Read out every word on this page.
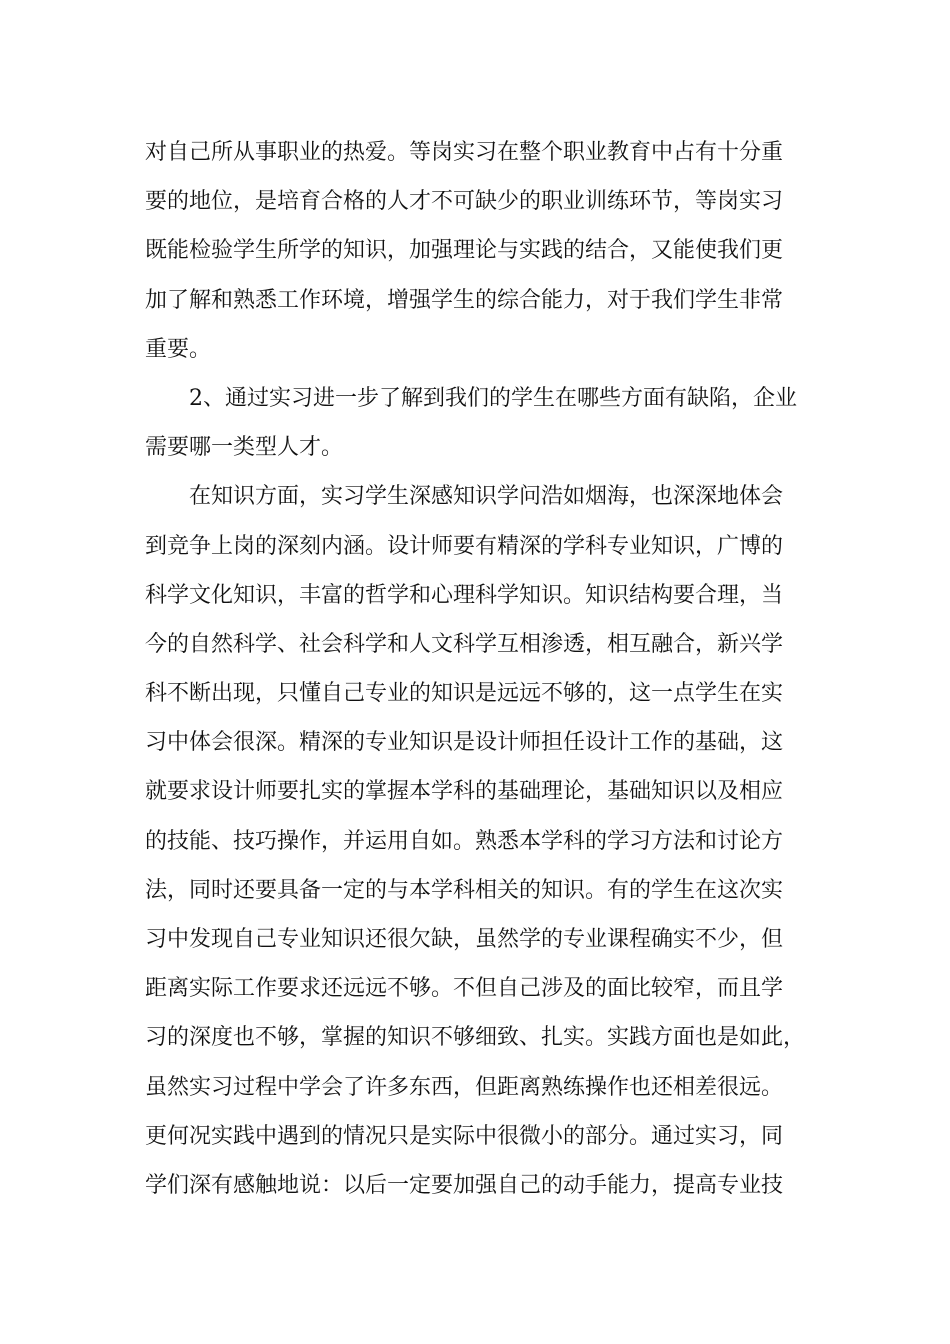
对自己所从事职业的热爱。等岗实习在整个职业教育中占有十分重
要的地位，是培育合格的人才不可缺少的职业训练环节，等岗实习
既能检验学生所学的知识，加强理论与实践的结合，又能使我们更
加了解和熟悉工作环境，增强学生的综合能力，对于我们学生非常
重要。
2、通过实习进一步了解到我们的学生在哪些方面有缺陷，企业
需要哪一类型人才。
在知识方面，实习学生深感知识学问浩如烟海，也深深地体会
到竞争上岗的深刻内涵。设计师要有精深的学科专业知识，广博的
科学文化知识，丰富的哲学和心理科学知识。知识结构要合理，当
今的自然科学、社会科学和人文科学互相渗透，相互融合，新兴学
科不断出现，只懂自己专业的知识是远远不够的，这一点学生在实
习中体会很深。精深的专业知识是设计师担任设计工作的基础，这
就要求设计师要扎实的掌握本学科的基础理论，基础知识以及相应
的技能、技巧操作，并运用自如。熟悉本学科的学习方法和讨论方
法，同时还要具备一定的与本学科相关的知识。有的学生在这次实
习中发现自己专业知识还很欠缺，虽然学的专业课程确实不少，但
距离实际工作要求还远远不够。不但自己涉及的面比较窄，而且学
习的深度也不够，掌握的知识不够细致、扎实。实践方面也是如此，
虽然实习过程中学会了许多东西，但距离熟练操作也还相差很远。
更何况实践中遇到的情况只是实际中很微小的部分。通过实习，同
学们深有感触地说：以后一定要加强自己的动手能力，提高专业技
